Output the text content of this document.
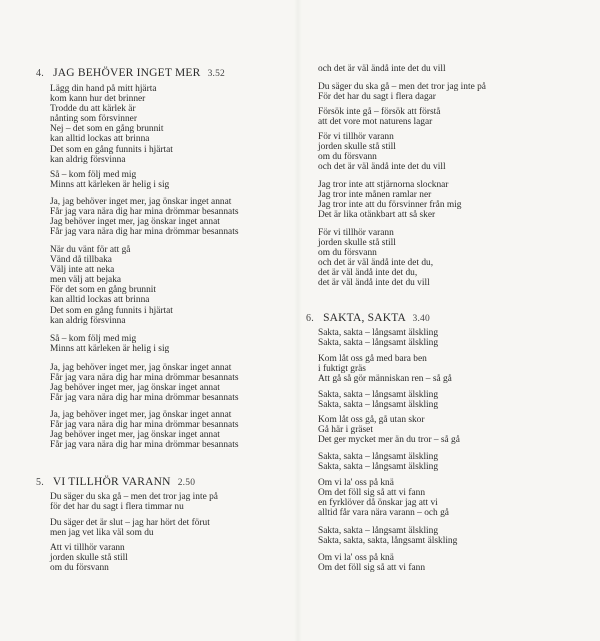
4. JAG BEHÖVER INGET MER 3.52
Lägg din hand på mitt hjärta
kom kann hur det brinner
Trodde du att kärlek är
nånting som försvinner
Nej – det som en gång brunnit
kan alltid lockas att brinna
Det som en gång funnits i hjärtat
kan aldrig försvinna
Så – kom följ med mig
Minns att kärleken är helig i sig
Ja, jag behöver inget mer, jag önskar inget annat
Får jag vara nära dig har mina drömmar besannats
Jag behöver inget mer, jag önskar inget annat
Får jag vara nära dig har mina drömmar besannats
När du vänt för att gå
Vänd då tillbaka
Välj inte att neka
men välj att bejaka
För det som en gång brunnit
kan alltid lockas att brinna
Det som en gång funnits i hjärtat
kan aldrig försvinna
Så – kom följ med mig
Minns att kärleken är helig i sig
Ja, jag behöver inget mer, jag önskar inget annat
Får jag vara nära dig har mina drömmar besannats
Jag behöver inget mer, jag önskar inget annat
Får jag vara nära dig har mina drömmar besannats
Ja, jag behöver inget mer, jag önskar inget annat
Får jag vara nära dig har mina drömmar besannats
Jag behöver inget mer, jag önskar inget annat
Får jag vara nära dig har mina drömmar besannats
5. VI TILLHÖR VARANN 2.50
Du säger du ska gå – men det tror jag inte på
för det har du sagt i flera timmar nu
Du säger det är slut – jag har hört det förut
men jag vet lika väl som du
Att vi tillhör varann
jorden skulle stå still
om du försvann
och det är väl ändå inte det du vill
Du säger du ska gå – men det tror jag inte på
För det har du sagt i flera dagar
Försök inte gå – försök att förstå
att det vore mot naturens lagar
För vi tillhör varann
jorden skulle stå still
om du försvann
och det är väl ändå inte det du vill
Jag tror inte att stjärnorna slocknar
Jag tror inte månen ramlar ner
Jag tror inte att du försvinner från mig
Det är lika otänkbart att så sker
För vi tillhör varann
jorden skulle stå still
om du försvann
och det är väl ändå inte det du,
det är väl ändå inte det du,
det är väl ändå inte det du vill
6. SAKTA, SAKTA 3.40
Sakta, sakta – långsamt älskling
Sakta, sakta – långsamt älskling
Kom låt oss gå med bara ben
i fuktigt gräs
Att gå så gör människan ren – så gå
Sakta, sakta – långsamt älskling
Sakta, sakta – långsamt älskling
Kom låt oss gå, gå utan skor
Gå här i gräset
Det ger mycket mer än du tror – så gå
Sakta, sakta – långsamt älskling
Sakta, sakta – långsamt älskling
Om vi la' oss på knä
Om det föll sig så att vi fann
en fyrklöver då önskar jag att vi
alltid får vara nära varann – och gå
Sakta, sakta – långsamt älskling
Sakta, sakta, sakta, långsamt älskling
Om vi la' oss på knä
Om det föll sig så att vi fann
